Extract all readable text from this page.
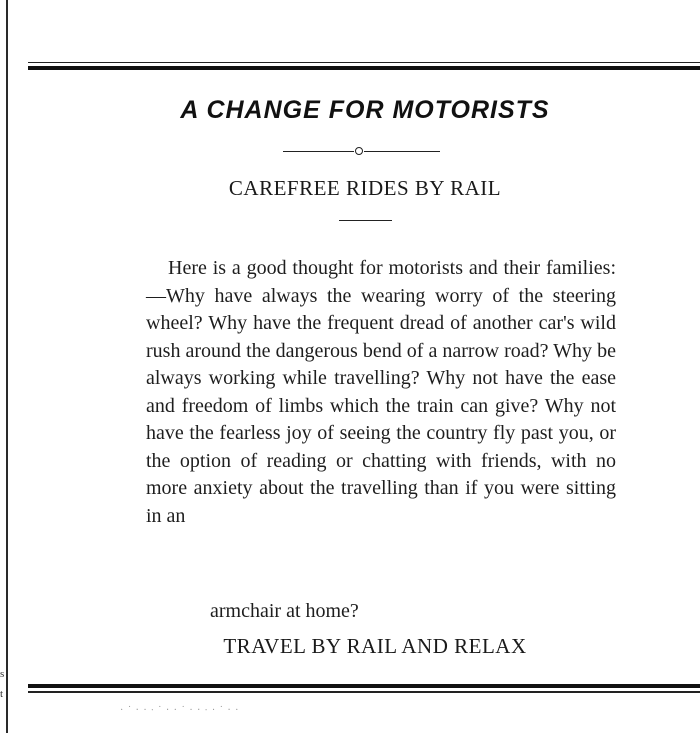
s
t
A CHANGE FOR MOTORISTS
CAREFREE RIDES BY RAIL

Here is a good thought for motorists and their families:—Why have always the wearing worry of the steering wheel? Why have the frequent dread of another car's wild rush around the dangerous bend of a narrow road? Why be always working while travelling? Why not have the ease and freedom of limbs which the train can give? Why not have the fearless joy of seeing the country fly past you, or the option of reading or chatting with friends, with no more anxiety about the travelling than if you were sitting in an

armchair at home?
TRAVEL BY RAIL AND RELAX
· ˙ ‧ · ∙ ˙ ‧ · ˙ · ‧ ∙ · ˙ ‧ ·
